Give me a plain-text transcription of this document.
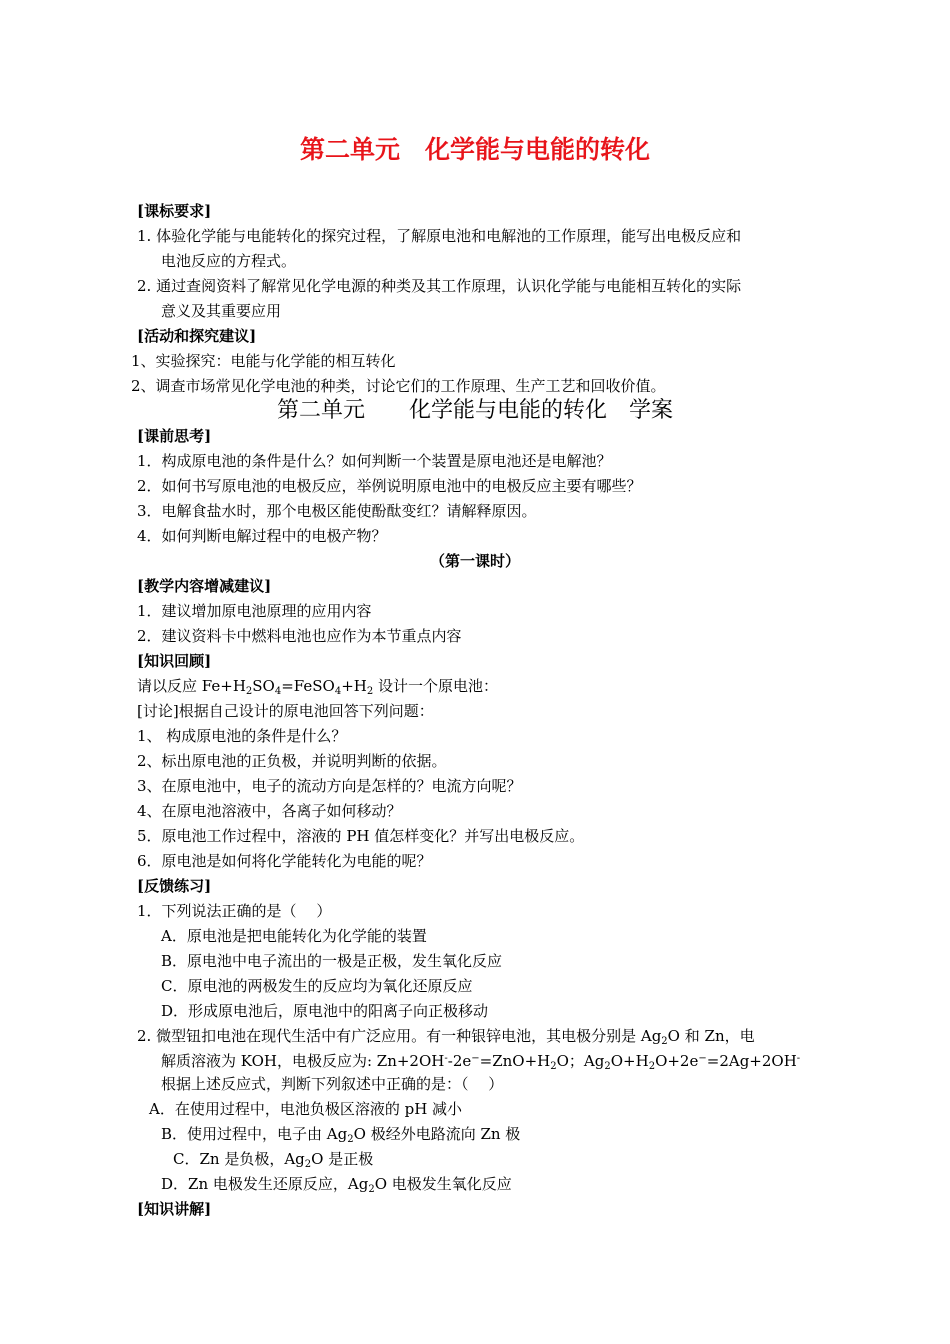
第二单元　化学能与电能的转化
[课标要求]
1. 体验化学能与电能转化的探究过程，了解原电池和电解池的工作原理，能写出电极反应和
电池反应的方程式。
2. 通过查阅资料了解常见化学电源的种类及其工作原理，认识化学能与电能相互转化的实际
意义及其重要应用
[活动和探究建议]
1、实验探究：电能与化学能的相互转化
2、调查市场常见化学电池的种类，讨论它们的工作原理、生产工艺和回收价值。
第二单元　　化学能与电能的转化　学案
[课前思考]
1．构成原电池的条件是什么？如何判断一个装置是原电池还是电解池？
2．如何书写原电池的电极反应，举例说明原电池中的电极反应主要有哪些？
3．电解食盐水时，那个电极区能使酚酞变红？请解释原因。
4．如何判断电解过程中的电极产物？
（第一课时）
[教学内容增减建议]
1．建议增加原电池原理的应用内容
2．建议资料卡中燃料电池也应作为本节重点内容
[知识回顾]
请以反应 $Fe+H_2SO_4=FeSO_4+H_2$ 设计一个原电池：
[讨论]根据自己设计的原电池回答下列问题：
1、 构成原电池的条件是什么？
2、标出原电池的正负极，并说明判断的依据。
3、在原电池中，电子的流动方向是怎样的？电流方向呢？
4、在原电池溶液中，各离子如何移动？
5．原电池工作过程中，溶液的 PH 值怎样变化？并写出电极反应。
6．原电池是如何将化学能转化为电能的呢？
[反馈练习]
1．下列说法正确的是（　 ）
A．原电池是把电能转化为化学能的装置
B．原电池中电子流出的一极是正极，发生氧化反应
C．原电池的两极发生的反应均为氧化还原反应
D．形成原电池后，原电池中的阳离子向正极移动
2. 微型钮扣电池在现代生活中有广泛应用。有一种银锌电池，其电极分别是 $Ag_2O$ 和 Zn，电
解质溶液为 KOH，电极反应为: $Zn+2OH^--2e^-=ZnO+H_2O$；$Ag_2O+H_2O+2e^-=2Ag+2OH^-$
根据上述反应式，判断下列叙述中正确的是：（　 ）
A．在使用过程中，电池负极区溶液的 pH 减小
B．使用过程中，电子由 $Ag_2O$ 极经外电路流向 Zn 极
C．Zn 是负极，$Ag_2O$ 是正极
D．Zn 电极发生还原反应，$Ag_2O$ 电极发生氧化反应
[知识讲解]
